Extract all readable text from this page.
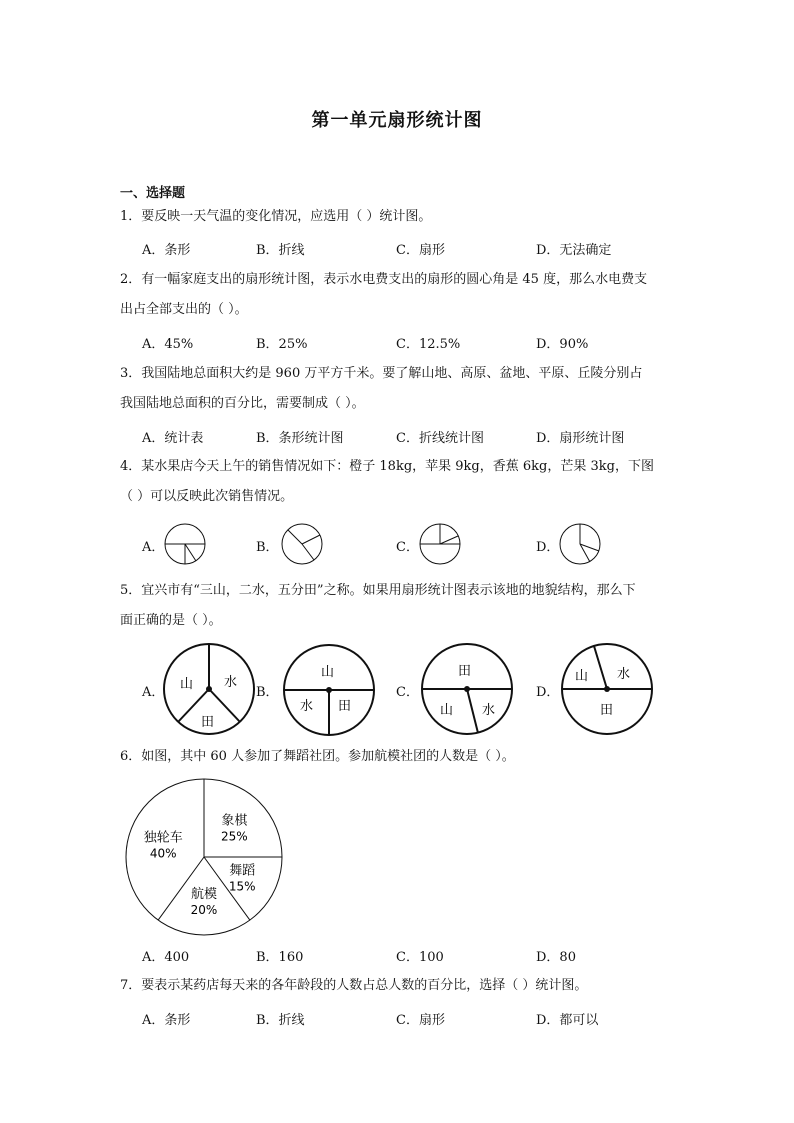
第一单元扇形统计图
一、选择题
1．要反映一天气温的变化情况，应选用（ ）统计图。
A．条形	B．折线	C．扇形	D．无法确定
2．有一幅家庭支出的扇形统计图，表示水电费支出的扇形的圆心角是 45 度，那么水电费支
出占全部支出的（ ）。
A．45%	B．25%	C．12.5%	D．90%
3．我国陆地总面积大约是 960 万平方千米。要了解山地、高原、盆地、平原、丘陵分别占
我国陆地总面积的百分比，需要制成（ ）。
A．统计表	B．条形统计图	C．折线统计图	D．扇形统计图
4．某水果店今天上午的销售情况如下：橙子 18kg，苹果 9kg，香蕉 6kg，芒果 3kg，下图
（ ）可以反映此次销售情况。
A．	B．	C．	D．
5．宜兴市有“三山，二水，五分田”之称。如果用扇形统计图表示该地的地貌结构，那么下
面正确的是（ ）。
A．	B．	C．	D．
山 水
田
山
水 田
田
山 水
山 水
田
6．如图，其中 60 人参加了舞蹈社团。参加航模社团的人数是（ ）。
象棋
25%
舞蹈
15%
航模
20%
独轮车
40%
A．400	B．160	C．100	D．80
7．要表示某药店每天来的各年龄段的人数占总人数的百分比，选择（ ）统计图。
A．条形	B．折线	C．扇形	D．都可以
